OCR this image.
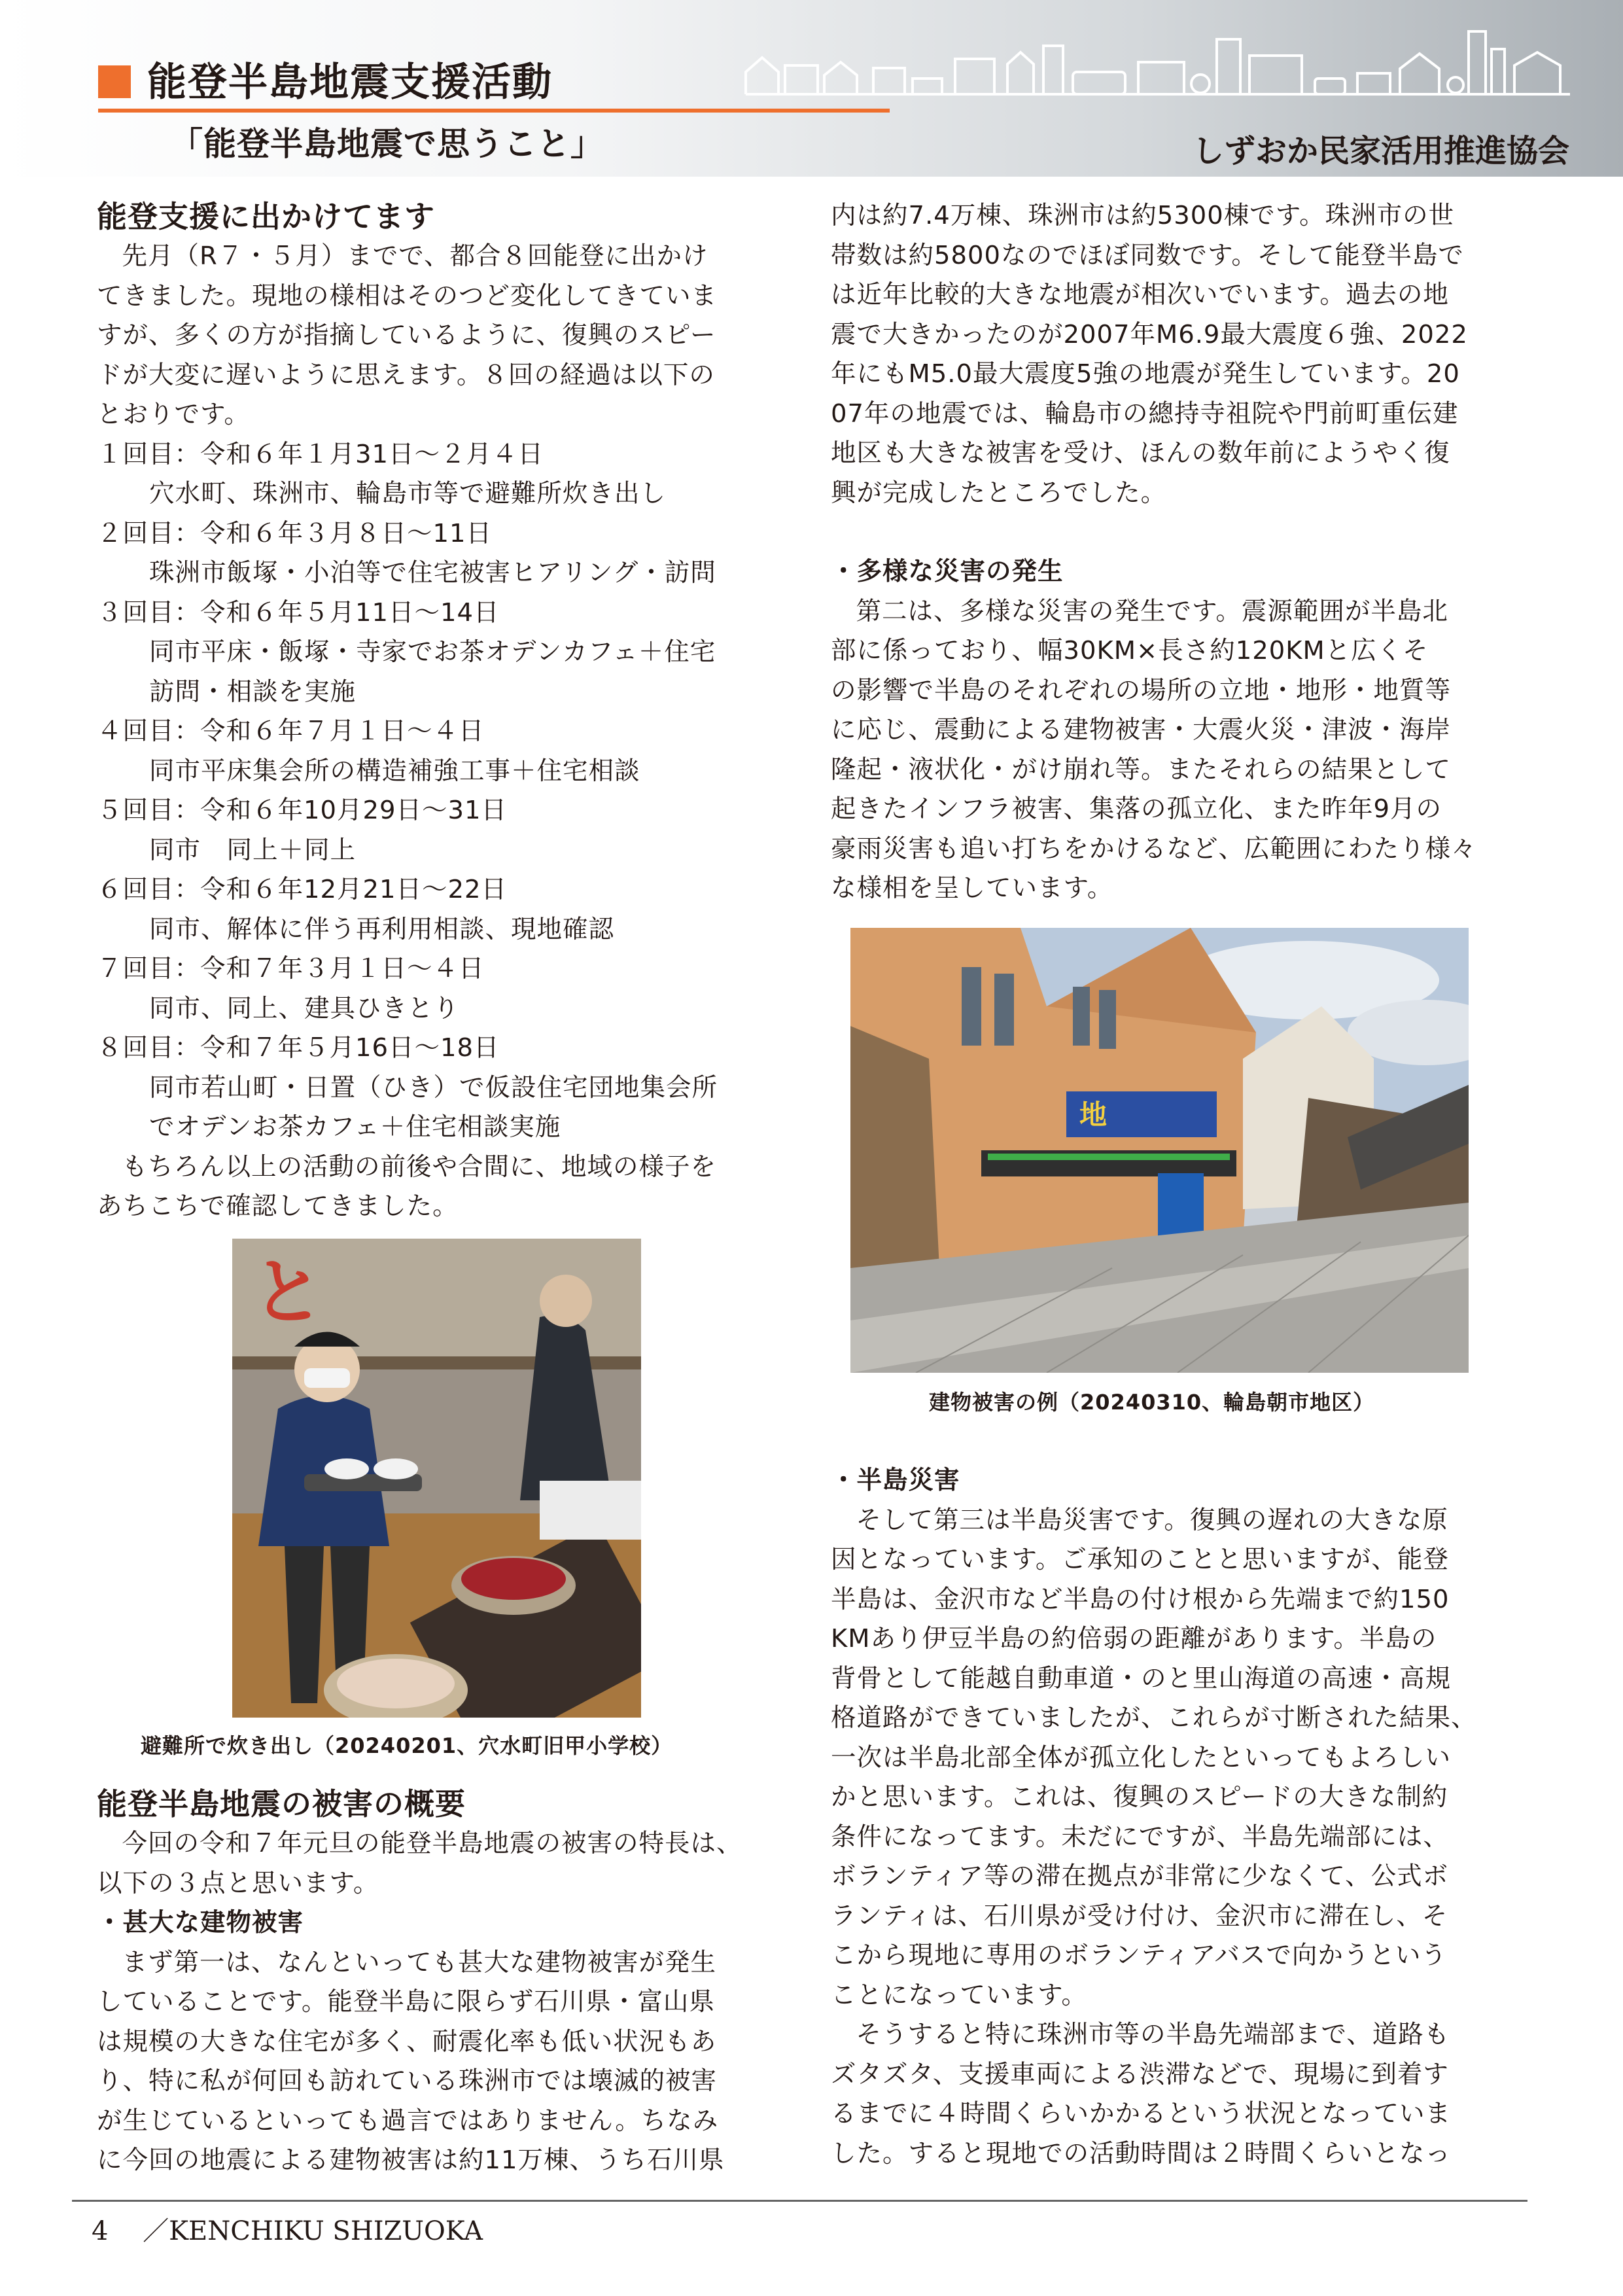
能登半島地震支援活動
「能登半島地震で思うこと」	しずおか民家活用推進協会
能登支援に出かけてます

先月（R７・５月）までで、都合８回能登に出かけ

てきました。現地の様相はそのつど変化してきていま

すが、多くの方が指摘しているように、復興のスピー

ドが大変に遅いように思えます。８回の経過は以下の

とおりです。

１回目：令和６年１月31日〜２月４日

穴水町、珠洲市、輪島市等で避難所炊き出し

２回目：令和６年３月８日〜11日

珠洲市飯塚・小泊等で住宅被害ヒアリング・訪問

３回目：令和６年５月11日〜14日

同市平床・飯塚・寺家でお茶オデンカフェ＋住宅

訪問・相談を実施

４回目：令和６年７月１日〜４日

同市平床集会所の構造補強工事＋住宅相談

５回目：令和６年10月29日〜31日

同市　同上＋同上

６回目：令和６年12月21日〜22日

同市、解体に伴う再利用相談、現地確認

７回目：令和７年３月１日〜４日

同市、同上、建具ひきとり

８回目：令和７年５月16日〜18日

同市若山町・日置（ひき）で仮設住宅団地集会所

でオデンお茶カフェ＋住宅相談実施

もちろん以上の活動の前後や合間に、地域の様子を

あちこちで確認してきました。

と
避難所で炊き出し（20240201、穴水町旧甲小学校）
能登半島地震の被害の概要

今回の令和７年元旦の能登半島地震の被害の特長は、

以下の３点と思います。

・甚大な建物被害

まず第一は、なんといっても甚大な建物被害が発生

していることです。能登半島に限らず石川県・富山県

は規模の大きな住宅が多く、耐震化率も低い状況もあ

り、特に私が何回も訪れている珠洲市では壊滅的被害

が生じているといっても過言ではありません。ちなみ

に今回の地震による建物被害は約11万棟、うち石川県

内は約7.4万棟、珠洲市は約5300棟です。珠洲市の世

帯数は約5800なのでほぼ同数です。そして能登半島で

は近年比較的大きな地震が相次いでいます。過去の地

震で大きかったのが2007年M6.9最大震度６強、2022

年にもM5.0最大震度5強の地震が発生しています。20

07年の地震では、輪島市の總持寺祖院や門前町重伝建

地区も大きな被害を受け、ほんの数年前にようやく復

興が完成したところでした。

・多様な災害の発生

第二は、多様な災害の発生です。震源範囲が半島北

部に係っており、幅30KM×長さ約120KMと広くそ

の影響で半島のそれぞれの場所の立地・地形・地質等

に応じ、震動による建物被害・大震火災・津波・海岸

隆起・液状化・がけ崩れ等。またそれらの結果として

起きたインフラ被害、集落の孤立化、また昨年9月の

豪雨災害も追い打ちをかけるなど、広範囲にわたり様々

な様相を呈しています。

地
建物被害の例（20240310、輪島朝市地区）
・半島災害

そして第三は半島災害です。復興の遅れの大きな原

因となっています。ご承知のことと思いますが、能登

半島は、金沢市など半島の付け根から先端まで約150

KMあり伊豆半島の約倍弱の距離があります。半島の

背骨として能越自動車道・のと里山海道の高速・高規

格道路ができていましたが、これらが寸断された結果、

一次は半島北部全体が孤立化したといってもよろしい

かと思います。これは、復興のスピードの大きな制約

条件になってます。未だにですが、半島先端部には、

ボランティア等の滞在拠点が非常に少なくて、公式ボ

ランティは、石川県が受け付け、金沢市に滞在し、そ

こから現地に専用のボランティアバスで向かうという

ことになっています。

そうすると特に珠洲市等の半島先端部まで、道路も

ズタズタ、支援車両による渋滞などで、現場に到着す

るまでに４時間くらいかかるという状況となっていま

した。すると現地での活動時間は２時間くらいとなっ

4 ／KENCHIKU SHIZUOKA
